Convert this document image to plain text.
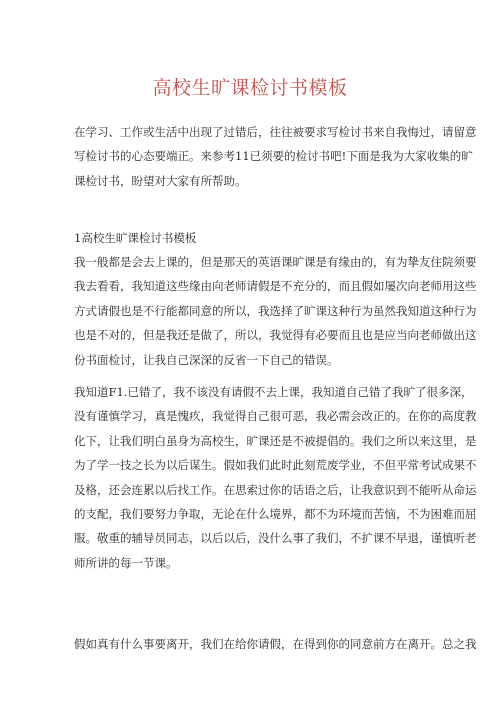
高校生旷课检讨书模板
在学习、工作或生活中出现了过错后，往往被要求写检讨书来自我悔过，请留意
写检讨书的心态要端正。来参考11已须要的检讨书吧!下面是我为大家收集的旷
课检讨书，盼望对大家有所帮助。
1高校生旷课检讨书模板
我一般都是会去上课的，但是那天的英语课旷课是有缘由的，有为挚友住院须要
我去看看，我知道这些缘由向老师请假是不充分的，而且假如屡次向老师用这些
方式请假也是不行能都同意的所以，我选择了旷课这种行为虽然我知道这种行为
也是不对的，但是我还是做了，所以，我觉得有必要而且也是应当向老师做出这
份书面检讨，让我自己深深的反省一下自己的错误。
我知道F1.已错了，我不该没有请假不去上课，我知道自己错了我旷了很多深，
没有谨慎学习，真是愧疚，我觉得自己很可恶，我必需会改正的。在你的高度教
化下，让我们明白虽身为高校生，旷课还是不被提倡的。我们之所以来这里，是
为了学一技之长为以后谋生。假如我们此时此刻荒废学业，不但平常考试成果不
及格，还会连累以后找工作。在思索过你的话语之后，让我意识到不能听从命运
的支配，我们要努力争取，无论在什么境界，都不为环境而苦恼，不为困难而屈
服。敬重的辅导员同志，以后以后，没什么事了我们，不扩课不早退，谨慎听老
师所讲的每一节课。
假如真有什么事要离开，我们在给你请假，在得到你的同意前方在离开。总之我
